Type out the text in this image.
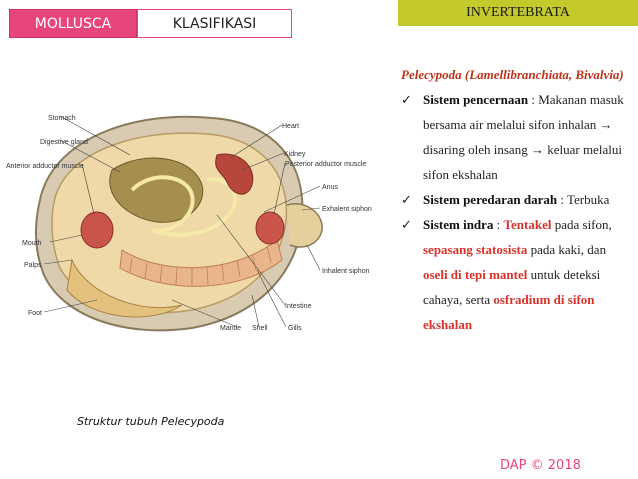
MOLLUSCA	KLASIFIKASI
INVERTEBRATA
Stomach
Digestive gland
Anterior adductor muscle
Mouth
Palps
Foot
Heart
Kidney
Posterior adductor muscle
Anus
Exhalent siphon
Inhalent siphon
Intestine
Mantle Shell	Gills
Struktur tubuh Pelecypoda
Pelecypoda (Lamellibranchiata, Bivalvia)
✓ Sistem pencernaan : Makanan masuk bersama air melalui sifon inhalan → disaring oleh insang → keluar melalui sifon ekshalan
✓ Sistem peredaran darah : Terbuka
✓ Sistem indra : Tentakel pada sifon, sepasang statosista pada kaki, dan oseli di tepi mantel untuk deteksi cahaya, serta osfradium di sifon ekshalan
DAP © 2018
